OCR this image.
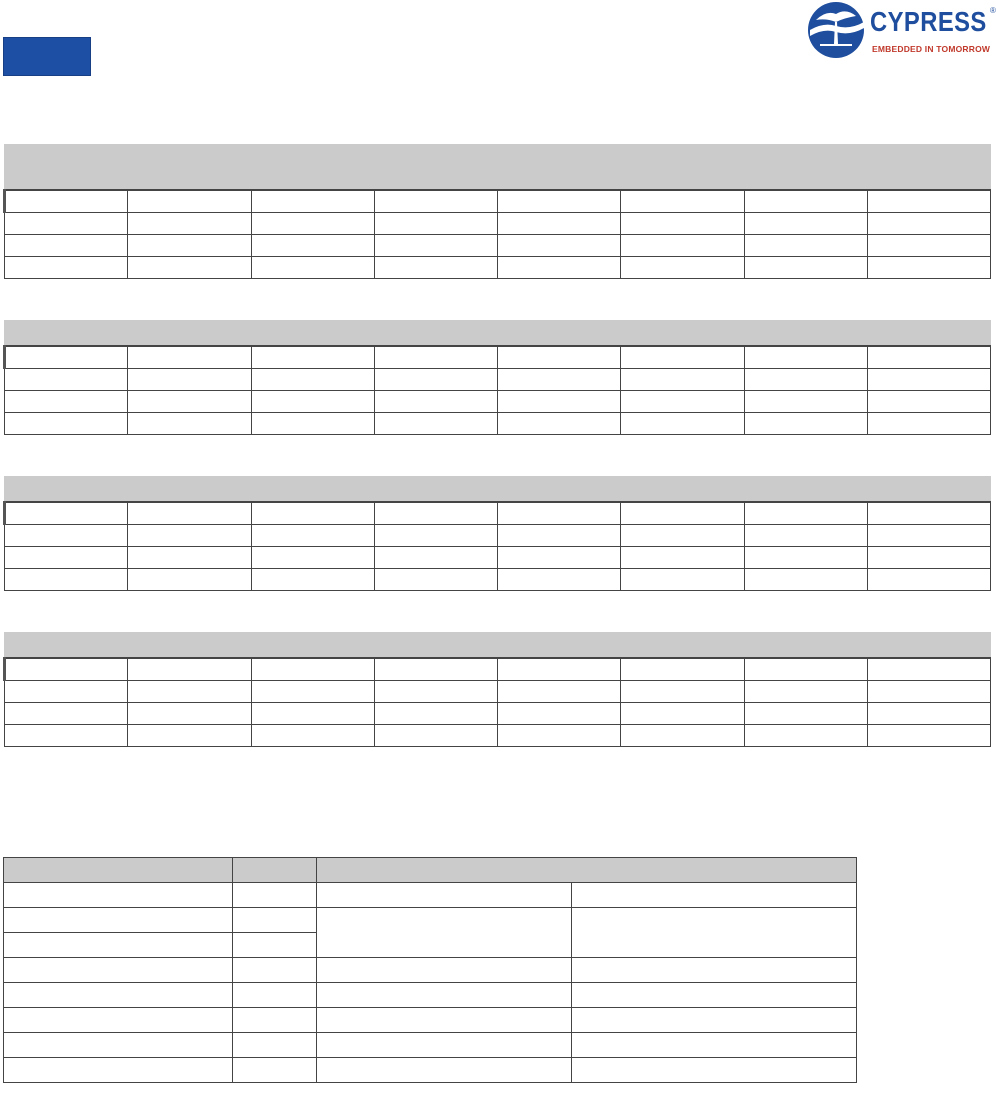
CYPRESS ®
EMBEDDED IN TOMORROW
